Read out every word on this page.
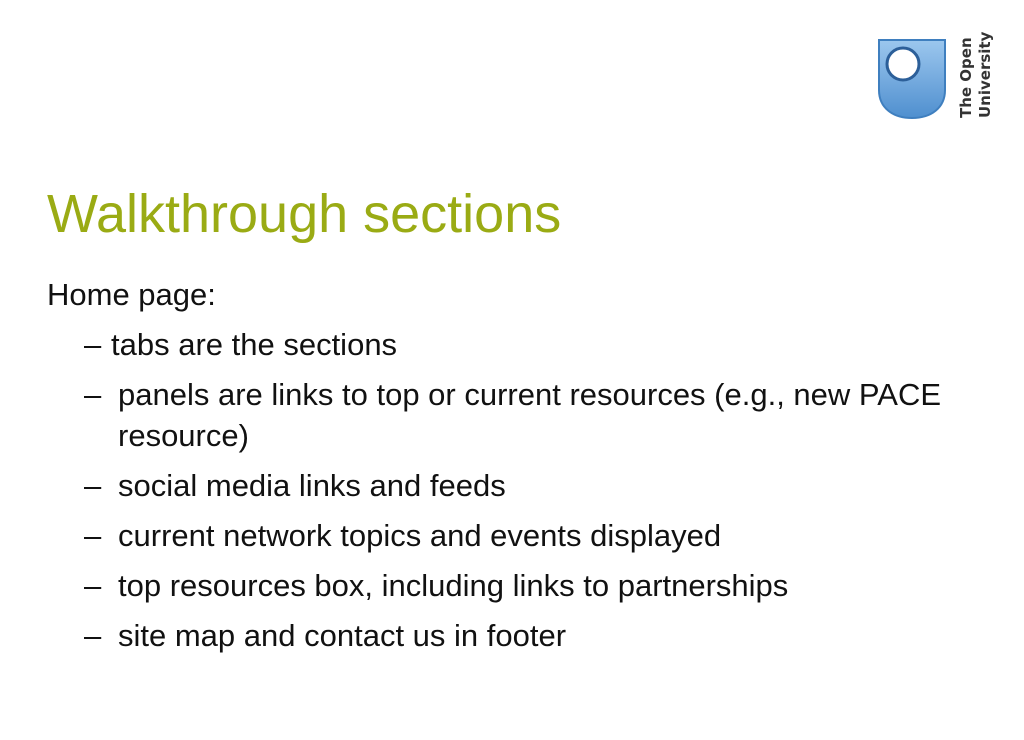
The Open University
Walkthrough sections

Home page:

– tabs are the sections
– panels are links to top or current resources (e.g., new PACE resource)
– social media links and feeds
– current network topics and events displayed
– top resources box, including links to partnerships
– site map and contact us in footer
